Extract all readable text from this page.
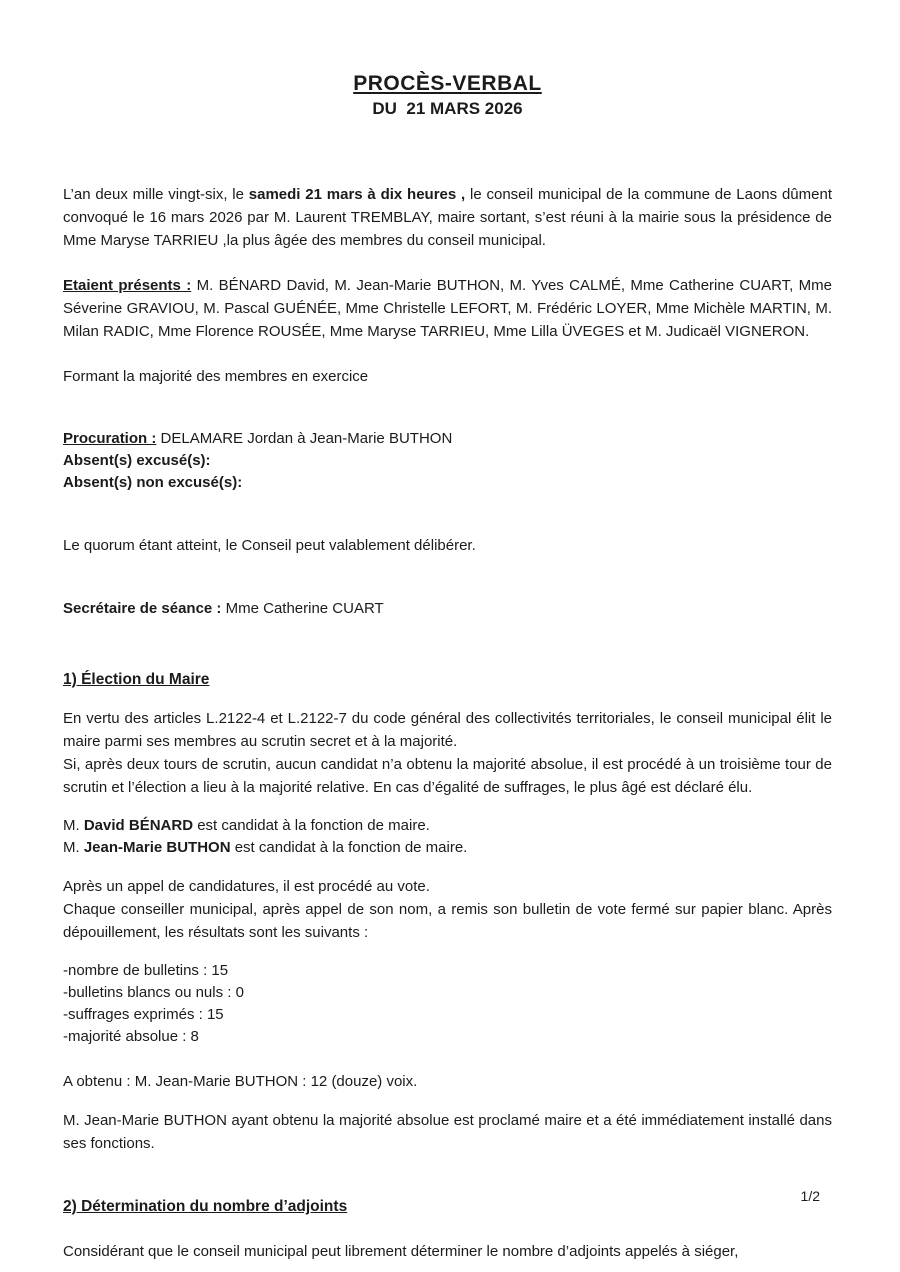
PROCÈS-VERBAL
DU  21 MARS 2026

L’an deux mille vingt-six, le samedi 21 mars à dix heures , le conseil municipal de la commune de Laons dûment convoqué le 16 mars 2026 par M. Laurent TREMBLAY, maire sortant, s’est réuni à la mairie sous la présidence de Mme Maryse TARRIEU ,la plus âgée des membres du conseil municipal.

Etaient présents : M. BÉNARD David, M. Jean-Marie BUTHON, M. Yves CALMÉ, Mme Catherine CUART, Mme Séverine GRAVIOU, M. Pascal GUÉNÉE, Mme Christelle LEFORT, M. Frédéric LOYER, Mme Michèle MARTIN, M. Milan RADIC, Mme Florence ROUSÉE, Mme Maryse TARRIEU, Mme Lilla ÜVEGES et M. Judicaël VIGNERON.

Formant la majorité des membres en exercice

Procuration : DELAMARE Jordan à Jean-Marie BUTHON
Absent(s) excusé(s):
Absent(s) non excusé(s):

Le quorum étant atteint, le Conseil peut valablement délibérer.

Secrétaire de séance : Mme Catherine CUART

1) Élection du Maire

En vertu des articles L.2122-4 et L.2122-7 du code général des collectivités territoriales, le conseil municipal élit le maire parmi ses membres au scrutin secret et à la majorité.

Si, après deux tours de scrutin, aucun candidat n’a obtenu la majorité absolue, il est procédé à un troisième tour de scrutin et l’élection a lieu à la majorité relative. En cas d’égalité de suffrages, le plus âgé est déclaré élu.

M. David BÉNARD est candidat à la fonction de maire.
M. Jean-Marie BUTHON est candidat à la fonction de maire.

Après un appel de candidatures, il est procédé au vote.

Chaque conseiller municipal, après appel de son nom, a remis son bulletin de vote fermé sur papier blanc. Après dépouillement, les résultats sont les suivants :

-nombre de bulletins : 15
-bulletins blancs ou nuls : 0
-suffrages exprimés : 15
-majorité absolue : 8

A obtenu : M. Jean-Marie BUTHON : 12 (douze) voix.

M. Jean-Marie BUTHON ayant obtenu la majorité absolue est proclamé maire et a été immédiatement installé dans ses fonctions.

2) Détermination du nombre d’adjoints

Considérant que le conseil municipal peut librement déterminer le nombre d’adjoints appelés à siéger,

1/2
